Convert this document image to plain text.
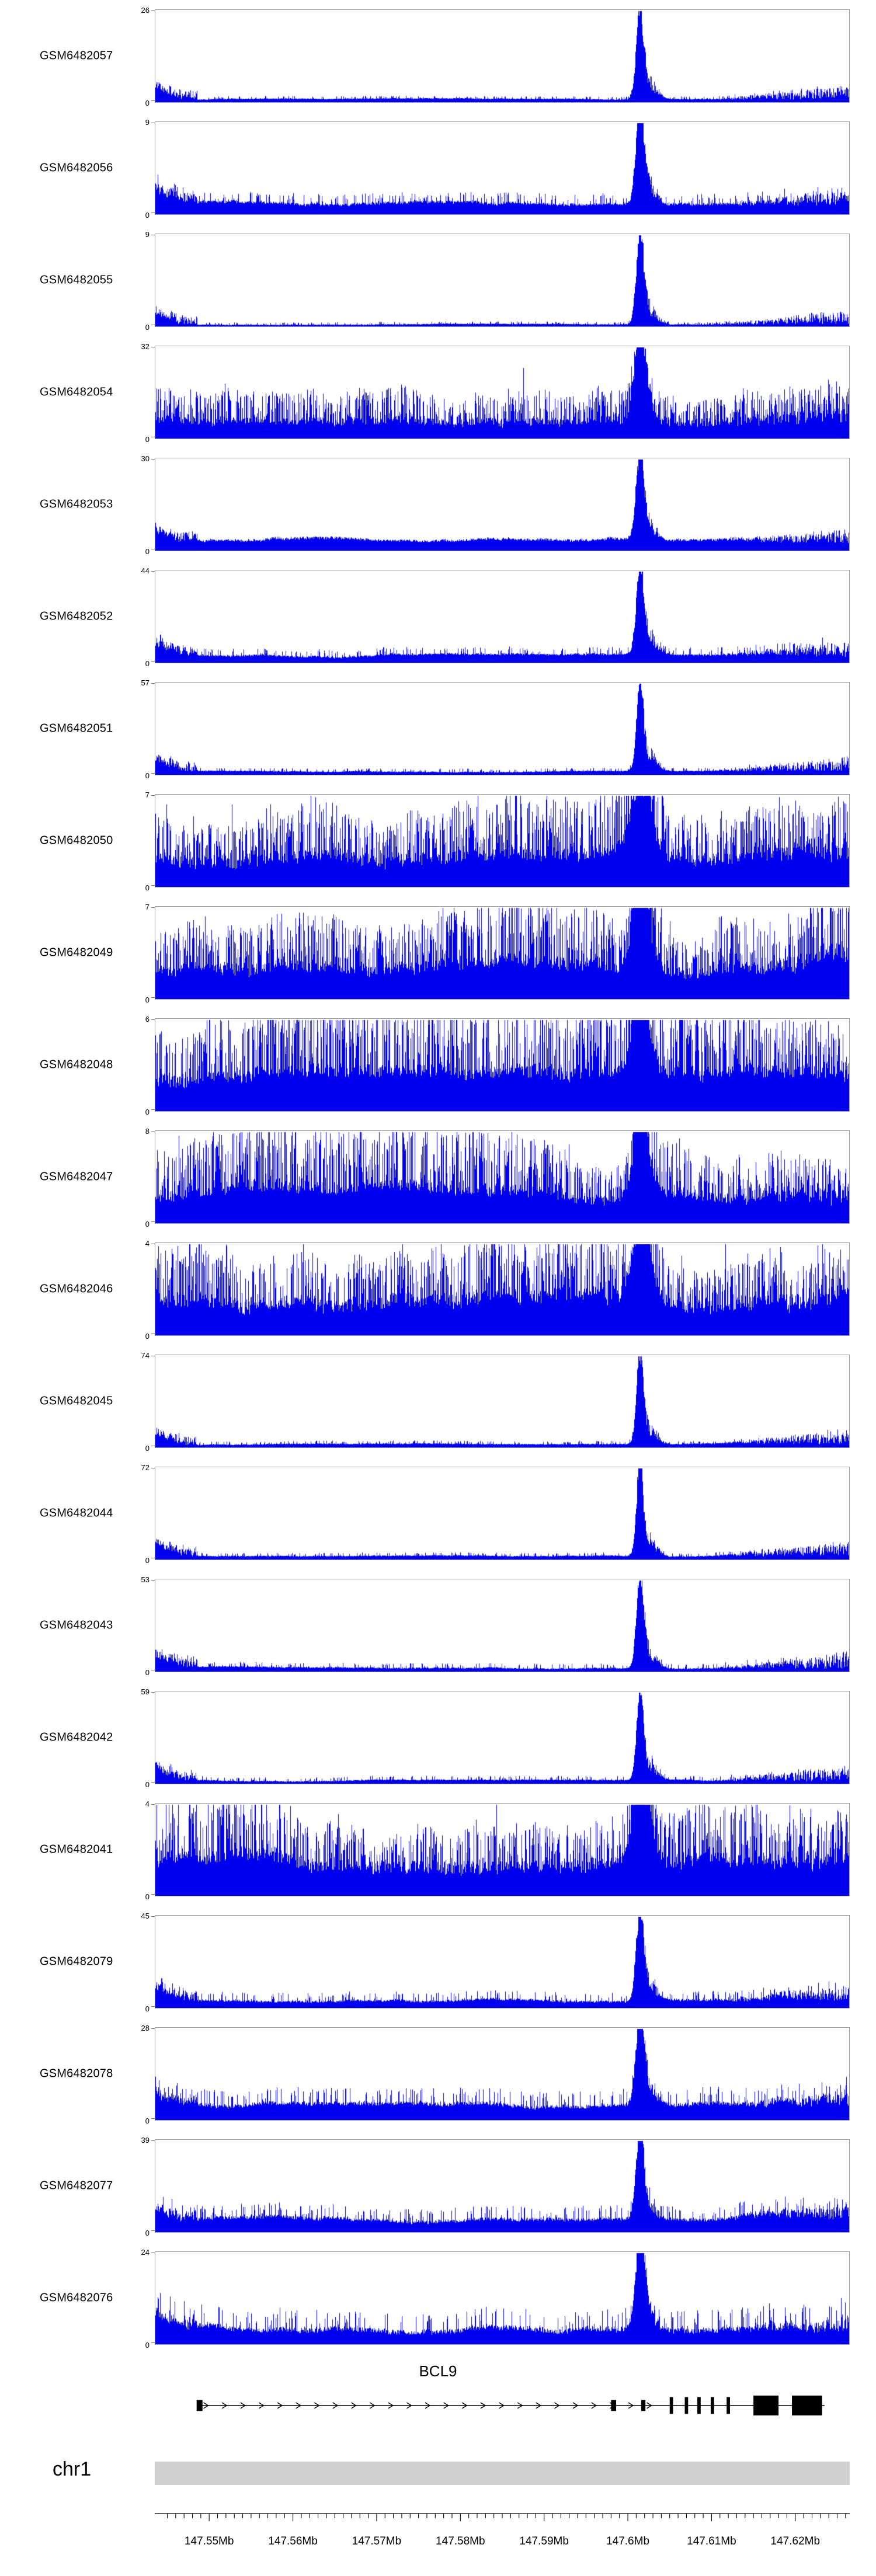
GSM6482057
26
0
GSM6482056
9
0
GSM6482055
9
0
GSM6482054
32
0
GSM6482053
30
0
GSM6482052
44
0
GSM6482051
57
0
GSM6482050
7
0
GSM6482049
7
0
GSM6482048
6
0
GSM6482047
8
0
GSM6482046
4
0
GSM6482045
74
0
GSM6482044
72
0
GSM6482043
53
0
GSM6482042
59
0
GSM6482041
4
0
GSM6482079
45
0
GSM6482078
28
0
GSM6482077
39
0
GSM6482076
24
0
BCL9
chr1
147.55Mb	147.56Mb	147.57Mb	147.58Mb	147.59Mb	147.6Mb	147.61Mb	147.62Mb
